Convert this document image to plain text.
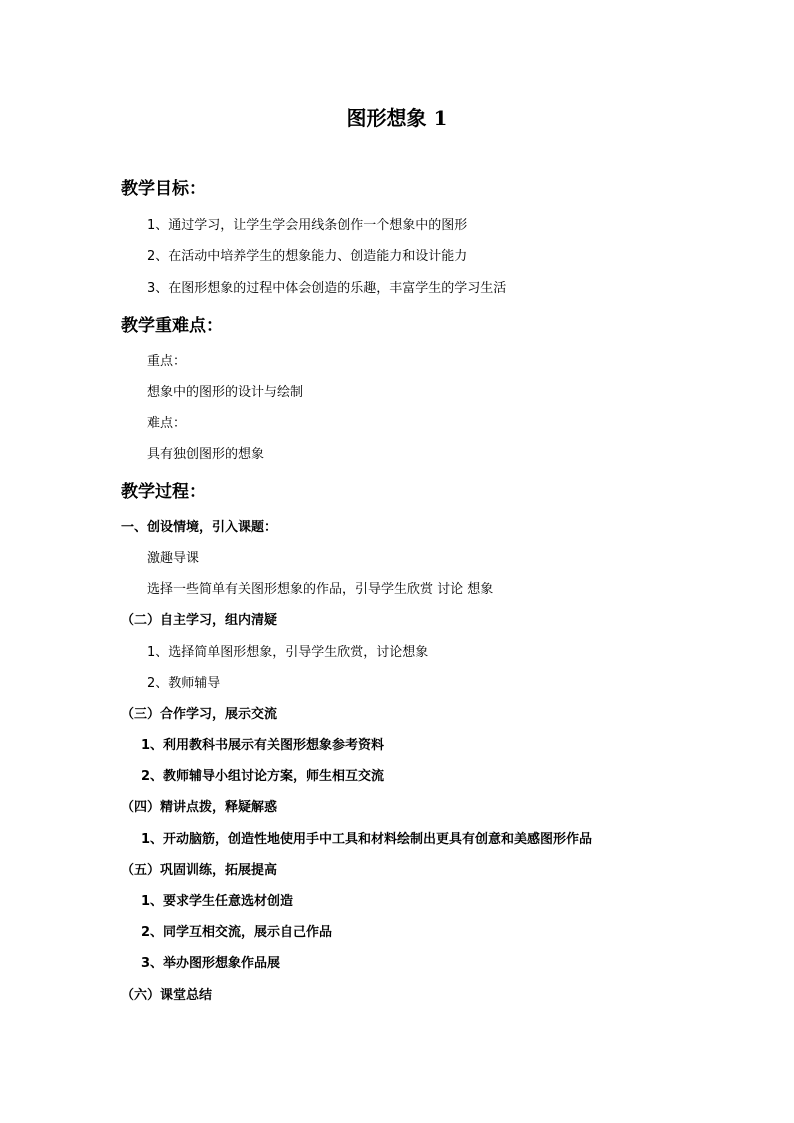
图形想象 1
教学目标：
1、通过学习，让学生学会用线条创作一个想象中的图形
2、在活动中培养学生的想象能力、创造能力和设计能力
3、在图形想象的过程中体会创造的乐趣，丰富学生的学习生活
教学重难点：
重点：
想象中的图形的设计与绘制
难点：
具有独创图形的想象
教学过程：
一、创设情境，引入课题：
激趣导课
选择一些简单有关图形想象的作品，引导学生欣赏 讨论 想象
（二）自主学习，组内清疑
1、选择简单图形想象，引导学生欣赏，讨论想象
2、教师辅导
（三）合作学习，展示交流
1、利用教科书展示有关图形想象参考资料
2、教师辅导小组讨论方案，师生相互交流
（四）精讲点拨，释疑解惑
1、开动脑筋，创造性地使用手中工具和材料绘制出更具有创意和美感图形作品
（五）巩固训练，拓展提高
1、要求学生任意选材创造
2、同学互相交流，展示自己作品
3、举办图形想象作品展
（六）课堂总结
